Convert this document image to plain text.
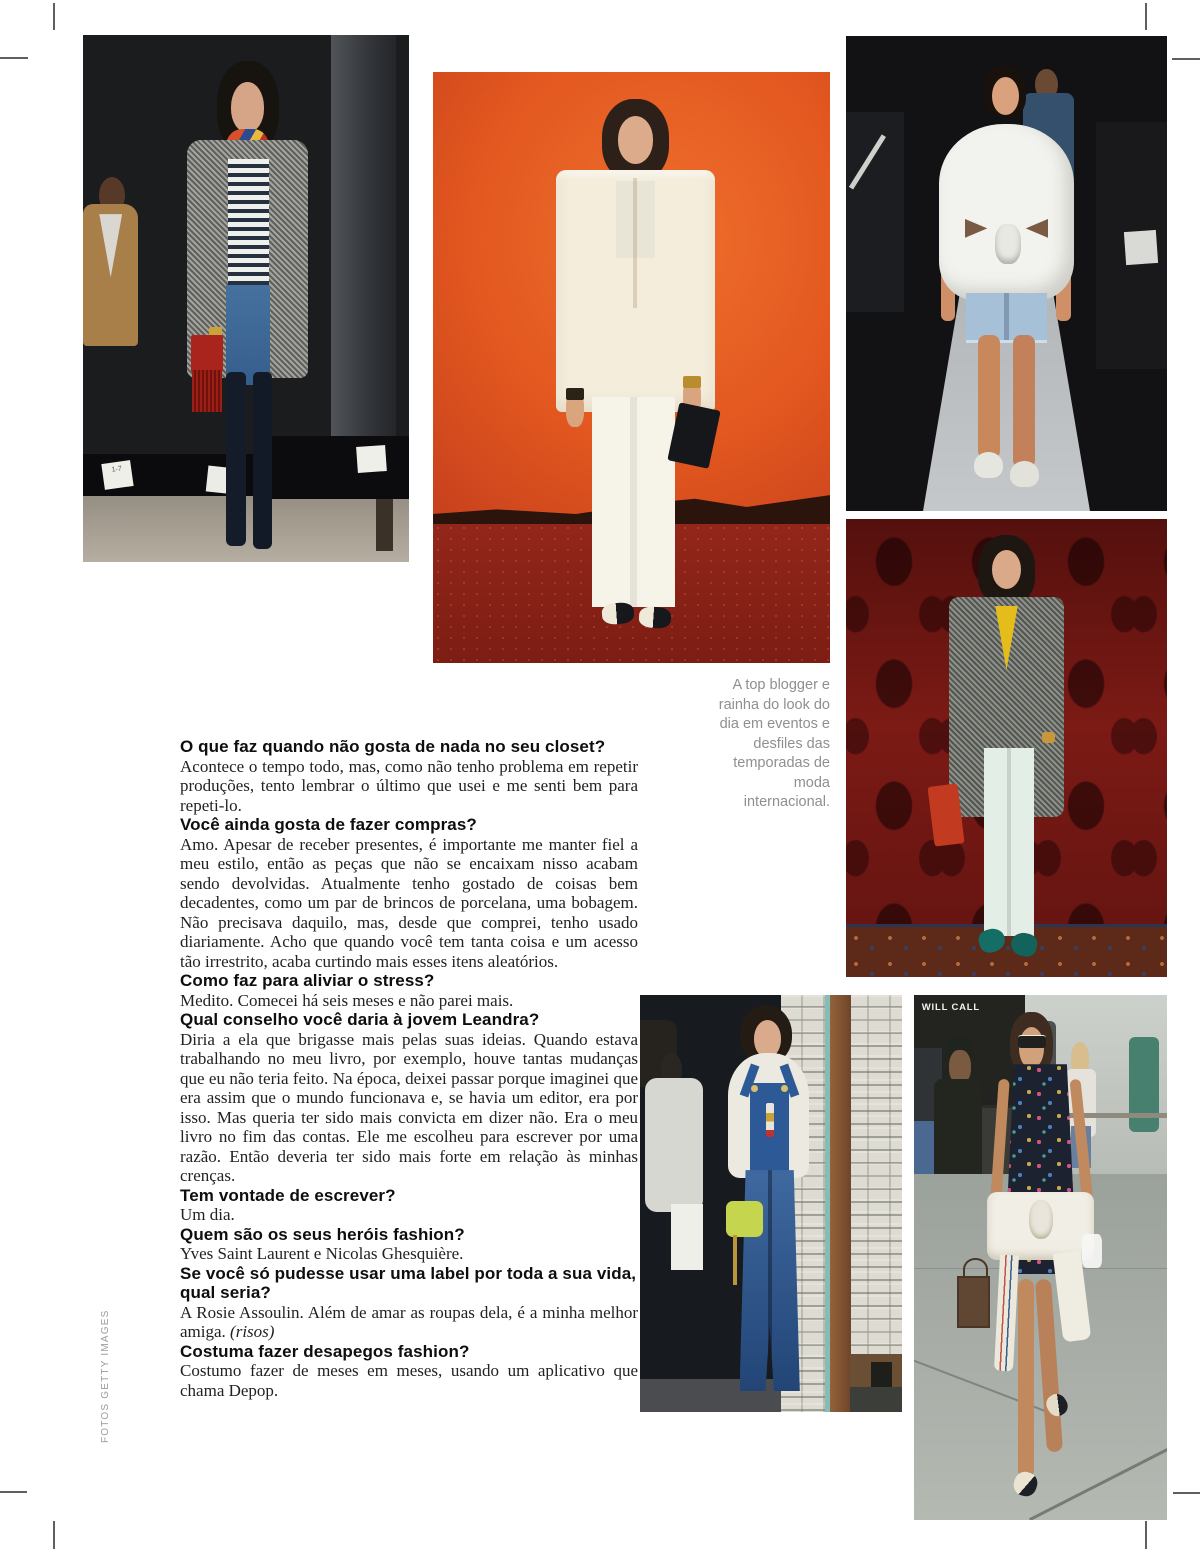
1-7
A top blogger e rainha do look do dia em eventos e desfiles das temporadas de moda internacional.

O que faz quando não gosta de nada no seu closet?

Acontece o tempo todo, mas, como não tenho problema em repetir produções, tento lembrar o último que usei e me senti bem para repeti-lo.

Você ainda gosta de fazer compras?

Amo. Apesar de receber presentes, é importante me manter fiel a meu estilo, então as peças que não se encaixam nisso acabam sendo devolvidas. Atualmente tenho gostado de coisas bem decadentes, como um par de brincos de porcelana, uma bobagem. Não precisava daquilo, mas, desde que comprei, tenho usado diariamente. Acho que quando você tem tanta coisa e um acesso tão irrestrito, acaba curtindo mais esses itens aleatórios.

Como faz para aliviar o stress?

Medito. Comecei há seis meses e não parei mais.

Qual conselho você daria à jovem Leandra?

Diria a ela que brigasse mais pelas suas ideias. Quando estava trabalhando no meu livro, por exemplo, houve tantas mudanças que eu não teria feito. Na época, deixei passar porque imaginei que era assim que o mundo funcionava e, se havia um editor, era por isso. Mas queria ter sido mais convicta em dizer não. Era o meu livro no fim das contas. Ele me escolheu para escrever por uma razão. Então deveria ter sido mais forte em relação às minhas crenças.

Tem vontade de escrever?

Um dia.

Quem são os seus heróis fashion?

Yves Saint Laurent e Nicolas Ghesquière.

Se você só pudesse usar uma label por toda a sua vida, qual seria?

A Rosie Assoulin. Além de amar as roupas dela, é a minha melhor amiga. (risos)

Costuma fazer desapegos fashion?

Costumo fazer de meses em meses, usando um aplicativo que chama Depop.

WILL CALL
FOTOS GETTY IMAGES
